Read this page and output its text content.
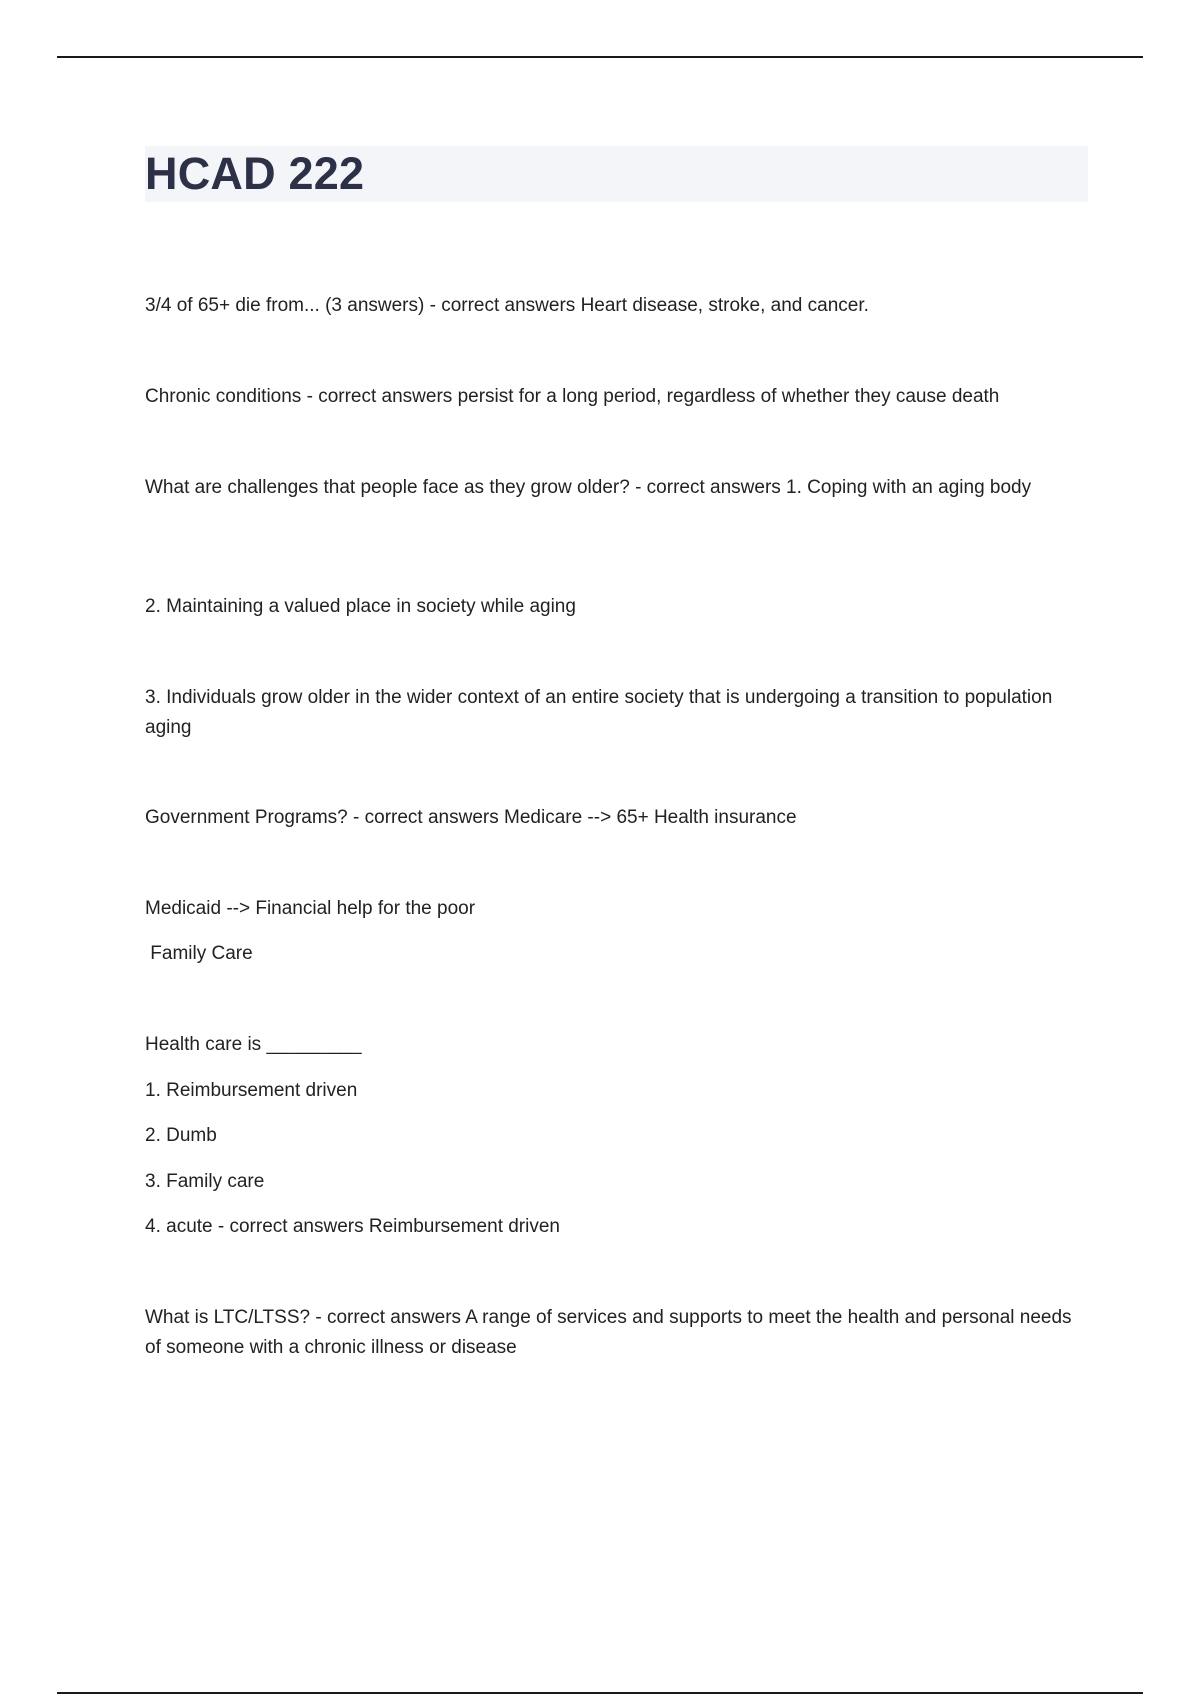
HCAD 222

3/4 of 65+ die from... (3 answers) - correct answers Heart disease, stroke, and cancer.

Chronic conditions - correct answers persist for a long period, regardless of whether they cause death

What are challenges that people face as they grow older? - correct answers 1. Coping with an aging body

2. Maintaining a valued place in society while aging

3. Individuals grow older in the wider context of an entire society that is undergoing a transition to population aging

Government Programs? - correct answers Medicare --> 65+ Health insurance

Medicaid --> Financial help for the poor

Family Care

Health care is _________

1. Reimbursement driven

2. Dumb

3. Family care

4. acute - correct answers Reimbursement driven

What is LTC/LTSS? - correct answers A range of services and supports to meet the health and personal needs of someone with a chronic illness or disease
